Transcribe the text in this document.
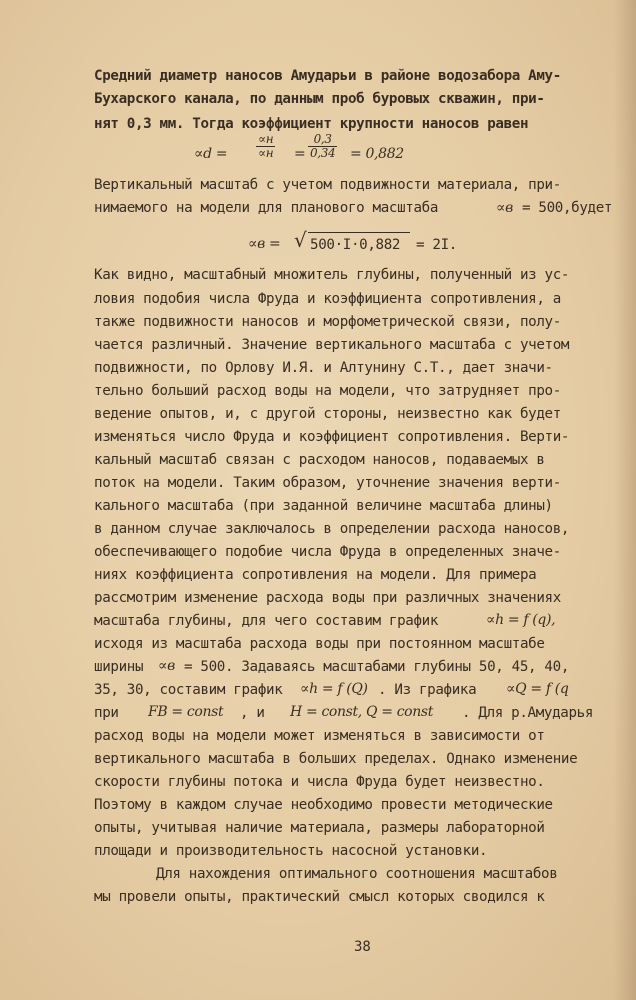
Средний диаметр наносов Амударьи в районе водозабора Аму-
Бухарского канала, по данным проб буровых скважин, при-
нят 0,3 мм. Тогда коэффициент крупности наносов равен
∝d =
∝н
$\propto н = \frac{0,3}{0,34} = 0,882$
Вертикальный масштаб с учетом подвижности материала, при-
нимаемого на модели для планового масштаба	∝в = 500,будет
∝в = √ 500·I·0,882 = 2I.
Как видно, масштабный множитель глубины, полученный из ус-
ловия подобия числа Фруда и коэффициента сопротивления, а
также подвижности наносов и морфометрической связи, полу-
чается различный. Значение вертикального масштаба с учетом
подвижности, по Орлову И.Я. и Алтунину С.Т., дает значи-
тельно больший расход воды на модели, что затрудняет про-
ведение опытов, и, с другой стороны, неизвестно как будет
изменяться число Фруда и коэффициент сопротивления. Верти-
кальный масштаб связан с расходом наносов, подаваемых в
поток на модели. Таким образом, уточнение значения верти-
кального масштаба (при заданной величине масштаба длины)
в данном случае заключалось в определении расхода наносов,
обеспечивающего подобие числа Фруда в определенных значе-
ниях коэффициента сопротивления на модели. Для примера
рассмотрим изменение расхода воды при различных значениях
масштаба глубины, для чего составим график	∝h = f (q),
исходя из масштаба расхода воды при постоянном масштабе
ширины ∝в = 500. Задаваясь масштабами глубины 50, 45, 40,
35, 30, составим график ∝h = f (Q) . Из графика ∝Q = f (q
при FB = const , и H = const, Q = const . Для р.Амударья
расход воды на модели может изменяться в зависимости от
вертикального масштаба в больших пределах. Однако изменение
скорости глубины потока и числа Фруда будет неизвестно.
Поэтому в каждом случае необходимо провести методические
опыты, учитывая наличие материала, размеры лабораторной
площади и производительность насосной установки.
Для нахождения оптимального соотношения масштабов
мы провели опыты, практический смысл которых сводился к
38
